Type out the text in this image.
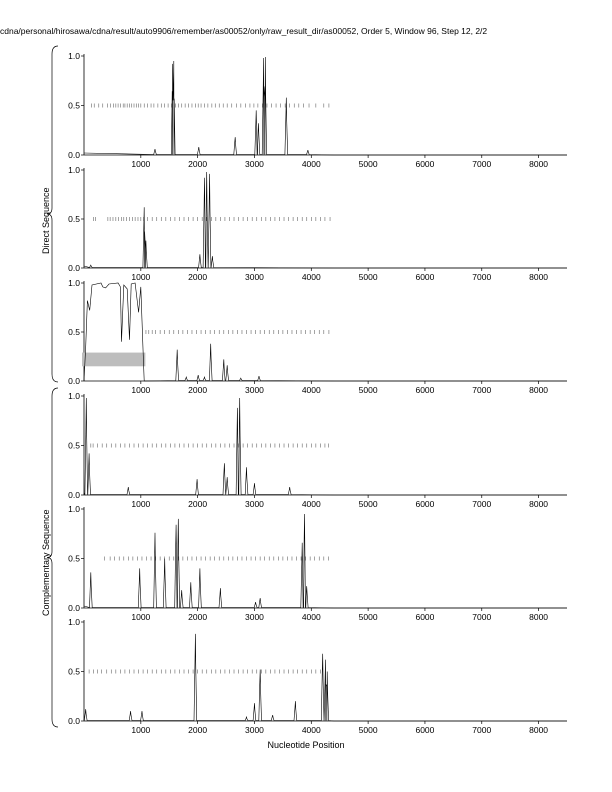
cdna/personal/hirosawa/cdna/result/auto9906/remember/as00052/only/raw_result_dir/as00052, Order 5, Window 96, Step 12, 2/2
0.0
0.5
1.0
1000	2000	3000	4000	5000	6000	7000	8000
0.0
0.5
1.0
1000	2000	3000	4000	5000	6000	7000	8000
0.0
0.5
1.0
1000	2000	3000	4000	5000	6000	7000	8000
0.0
0.5
1.0
1000	2000	3000	4000	5000	6000	7000	8000
0.0
0.5
1.0
1000	2000	3000	4000	5000	6000	7000	8000
0.0
0.5
1.0
1000	2000	3000	4000	5000	6000	7000	8000
Direct Sequence
Complementary Sequence
Nucleotide Position
